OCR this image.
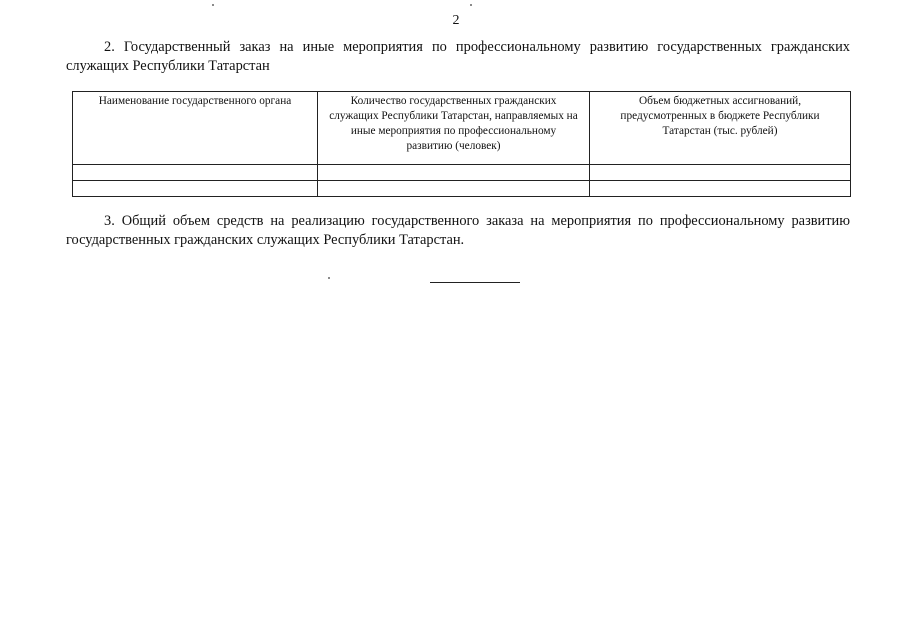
2
2. Государственный заказ на иные мероприятия по профессиональному развитию государственных гражданских
служащих Республики Татарстан
Наименование государственного органа	Количество государственных гражданских служащих Республики Татарстан, направляемых на иные мероприятия по профессиональному развитию (человек)	Объем бюджетных ассигнований, предусмотренных в бюджете Республики Татарстан (тыс. рублей)

3. Общий объем средств на реализацию государственного заказа на мероприятия по профессиональному развитию
государственных гражданских служащих Республики Татарстан.
